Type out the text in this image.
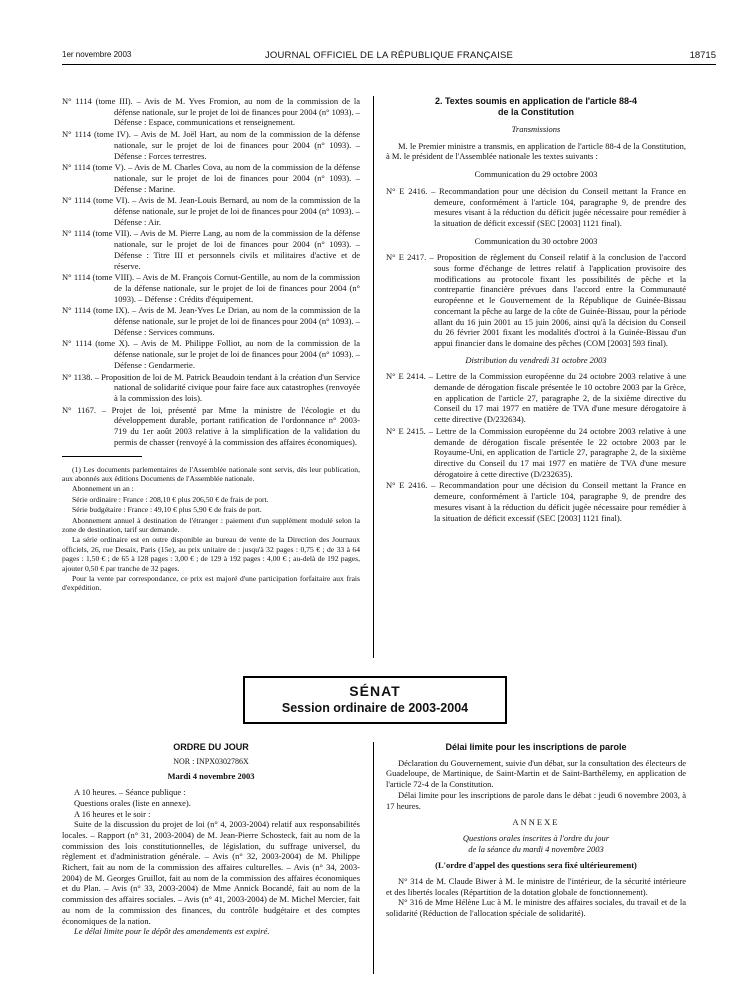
1er novembre 2003	JOURNAL OFFICIEL DE LA RÉPUBLIQUE FRANÇAISE	18715
N° 1114 (tome III). – Avis de M. Yves Fromion, au nom de la commission de la défense nationale, sur le projet de loi de finances pour 2004 (n° 1093). – Défense : Espace, communications et renseignement.
N° 1114 (tome IV). – Avis de M. Joël Hart, au nom de la commission de la défense nationale, sur le projet de loi de finances pour 2004 (n° 1093). – Défense : Forces terrestres.
N° 1114 (tome V). – Avis de M. Charles Cova, au nom de la commission de la défense nationale, sur le projet de loi de finances pour 2004 (n° 1093). – Défense : Marine.
N° 1114 (tome VI). – Avis de M. Jean-Louis Bernard, au nom de la commission de la défense nationale, sur le projet de loi de finances pour 2004 (n° 1093). – Défense : Air.
N° 1114 (tome VII). – Avis de M. Pierre Lang, au nom de la commission de la défense nationale, sur le projet de loi de finances pour 2004 (n° 1093). – Défense : Titre III et personnels civils et militaires d'active et de réserve.
N° 1114 (tome VIII). – Avis de M. François Cornut-Gentille, au nom de la commission de la défense nationale, sur le projet de loi de finances pour 2004 (n° 1093). – Défense : Crédits d'équipement.
N° 1114 (tome IX). – Avis de M. Jean-Yves Le Drian, au nom de la commission de la défense nationale, sur le projet de loi de finances pour 2004 (n° 1093). – Défense : Services communs.
N° 1114 (tome X). – Avis de M. Philippe Folliot, au nom de la commission de la défense nationale, sur le projet de loi de finances pour 2004 (n° 1093). – Défense : Gendarmerie.
N° 1138. – Proposition de loi de M. Patrick Beaudoin tendant à la création d'un Service national de solidarité civique pour faire face aux catastrophes (renvoyée à la commission des lois).
N° 1167. – Projet de loi, présenté par Mme la ministre de l'écologie et du développement durable, portant ratification de l'ordonnance n° 2003-719 du 1er août 2003 relative à la simplification de la validation du permis de chasser (renvoyé à la commission des affaires économiques).

(1) Les documents parlementaires de l'Assemblée nationale sont servis, dès leur publication, aux abonnés aux éditions Documents de l'Assemblée nationale.

Abonnement un an :

Série ordinaire : France : 208,10 € plus 206,50 € de frais de port.

Série budgétaire : France : 49,10 € plus 5,90 € de frais de port.

Abonnement annuel à destination de l'étranger : paiement d'un supplément modulé selon la zone de destination, tarif sur demande.

La série ordinaire est en outre disponible au bureau de vente de la Direction des Journaux officiels, 26, rue Desaix, Paris (15e), au prix unitaire de : jusqu'à 32 pages : 0,75 € ; de 33 à 64 pages : 1,50 € ; de 65 à 128 pages : 3,00 € ; de 129 à 192 pages : 4,00 € ; au-delà de 192 pages, ajouter 0,50 € par tranche de 32 pages.

Pour la vente par correspondance, ce prix est majoré d'une participation forfaitaire aux frais d'expédition.

2. Textes soumis en application de l'article 88-4
de la Constitution
Transmissions

M. le Premier ministre a transmis, en application de l'article 88-4 de la Constitution, à M. le président de l'Assemblée nationale les textes suivants :

Communication du 29 octobre 2003
N° E 2416. – Recommandation pour une décision du Conseil mettant la France en demeure, conformément à l'article 104, paragraphe 9, de prendre des mesures visant à la réduction du déficit jugée nécessaire pour remédier à la situation de déficit excessif (SEC [2003] 1121 final).
Communication du 30 octobre 2003
N° E 2417. – Proposition de règlement du Conseil relatif à la conclusion de l'accord sous forme d'échange de lettres relatif à l'application provisoire des modifications au protocole fixant les possibilités de pêche et la contrepartie financière prévues dans l'accord entre la Communauté européenne et le Gouvernement de la République de Guinée-Bissau concernant la pêche au large de la côte de Guinée-Bissau, pour la période allant du 16 juin 2001 au 15 juin 2006, ainsi qu'à la décision du Conseil du 26 février 2001 fixant les modalités d'octroi à la Guinée-Bissau d'un appui financier dans le domaine des pêches (COM [2003] 593 final).
Distribution du vendredi 31 octobre 2003
N° E 2414. – Lettre de la Commission européenne du 24 octobre 2003 relative à une demande de dérogation fiscale présentée le 10 octobre 2003 par la Grèce, en application de l'article 27, paragraphe 2, de la sixième directive du Conseil du 17 mai 1977 en matière de TVA d'une mesure dérogatoire à cette directive (D/232634).
N° E 2415. – Lettre de la Commission européenne du 24 octobre 2003 relative à une demande de dérogation fiscale présentée le 22 octobre 2003 par le Royaume-Uni, en application de l'article 27, paragraphe 2, de la sixième directive du Conseil du 17 mai 1977 en matière de TVA d'une mesure dérogatoire à cette directive (D/232635).
N° E 2416. – Recommandation pour une décision du Conseil mettant la France en demeure, conformément à l'article 104, paragraphe 9, de prendre des mesures visant à la réduction du déficit jugée nécessaire pour remédier à la situation de déficit excessif (SEC [2003] 1121 final).
SÉNAT
Session ordinaire de 2003-2004
ORDRE DU JOUR
NOR : INPX0302786X
Mardi 4 novembre 2003

A 10 heures. – Séance publique :

Questions orales (liste en annexe).

A 16 heures et le soir :

Suite de la discussion du projet de loi (n° 4, 2003-2004) relatif aux responsabilités locales. – Rapport (n° 31, 2003-2004) de M. Jean-Pierre Schosteck, fait au nom de la commission des lois constitutionnelles, de législation, du suffrage universel, du règlement et d'administration générale. – Avis (n° 32, 2003-2004) de M. Philippe Richert, fait au nom de la commission des affaires culturelles. – Avis (n° 34, 2003-2004) de M. Georges Gruillot, fait au nom de la commission des affaires économiques et du Plan. – Avis (n° 33, 2003-2004) de Mme Annick Bocandé, fait au nom de la commission des affaires sociales. – Avis (n° 41, 2003-2004) de M. Michel Mercier, fait au nom de la commission des finances, du contrôle budgétaire et des comptes économiques de la nation.

Le délai limite pour le dépôt des amendements est expiré.

Délai limite pour les inscriptions de parole

Déclaration du Gouvernement, suivie d'un débat, sur la consultation des électeurs de Guadeloupe, de Martinique, de Saint-Martin et de Saint-Barthélemy, en application de l'article 72-4 de la Constitution.

Délai limite pour les inscriptions de parole dans le débat : jeudi 6 novembre 2003, à 17 heures.

ANNEXE
Questions orales inscrites à l'ordre du jour
de la séance du mardi 4 novembre 2003
(L'ordre d'appel des questions sera fixé ultérieurement)

N° 314 de M. Claude Biwer à M. le ministre de l'intérieur, de la sécurité intérieure et des libertés locales (Répartition de la dotation globale de fonctionnement).

N° 316 de Mme Hélène Luc à M. le ministre des affaires sociales, du travail et de la solidarité (Réduction de l'allocation spéciale de solidarité).
